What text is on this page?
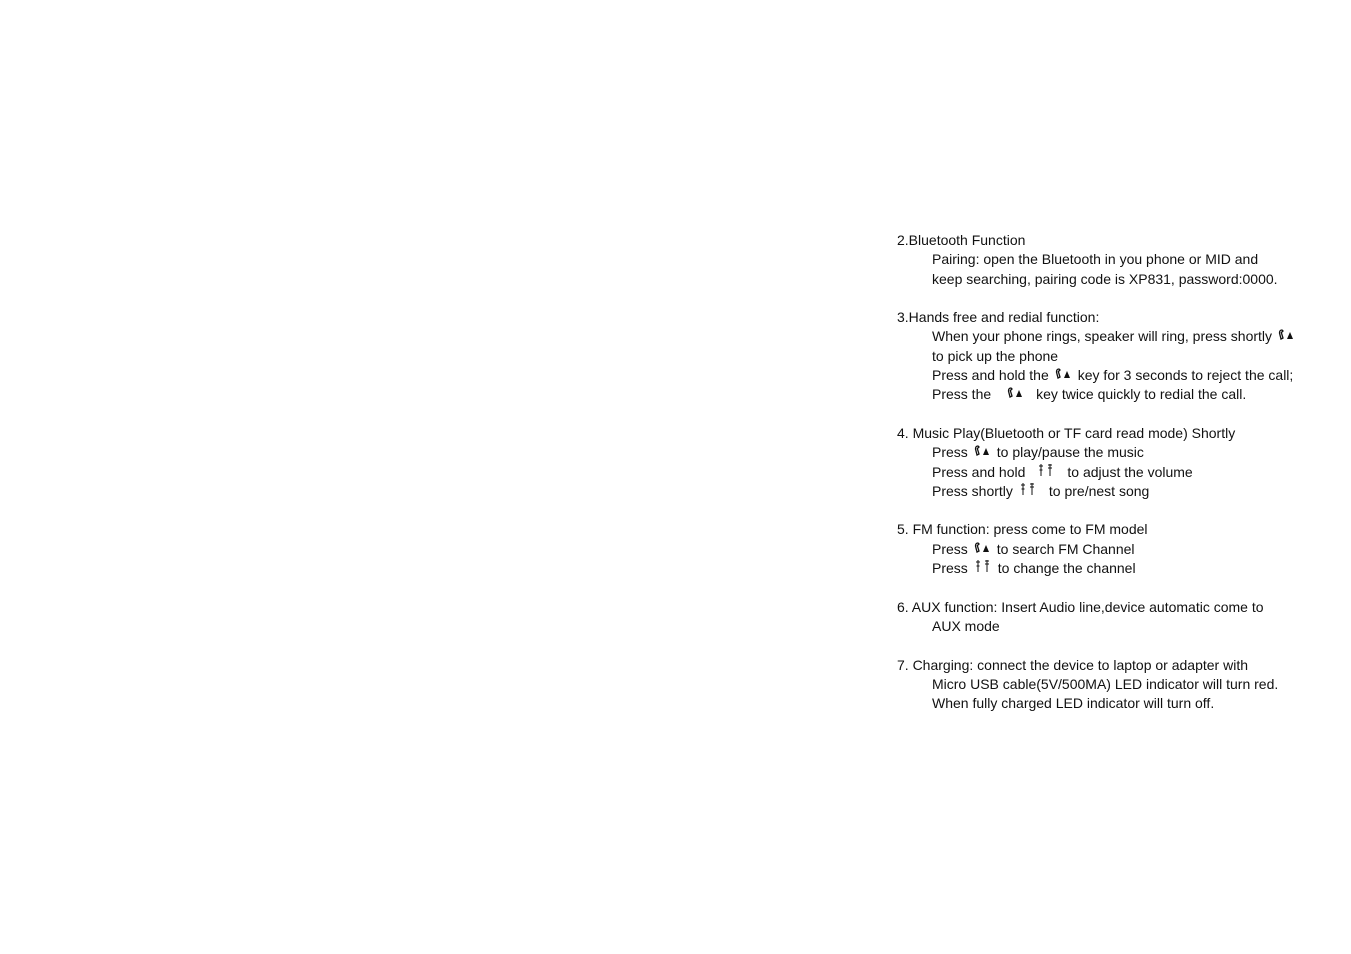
2.Bluetooth Function
Pairing: open the Bluetooth in you phone or MID and
keep searching, pairing code is XP831, password:0000.
3.Hands free and redial function:
When your phone rings, speaker will ring, press shortly
to pick up the phone
Press and hold the key for 3 seconds to reject the call;
Press the	key twice quickly to redial the call.
4. Music Play(Bluetooth or TF card read mode) Shortly
Press to play/pause the music
Press and hold	to adjust the volume
Press shortly	to pre/nest song
5. FM function: press come to FM model
Press to search FM Channel
Press to change the channel
6. AUX function: Insert Audio line,device automatic come to
AUX mode
7. Charging: connect the device to laptop or adapter with
Micro USB cable(5V/500MA) LED indicator will turn red.
When fully charged LED indicator will turn off.
